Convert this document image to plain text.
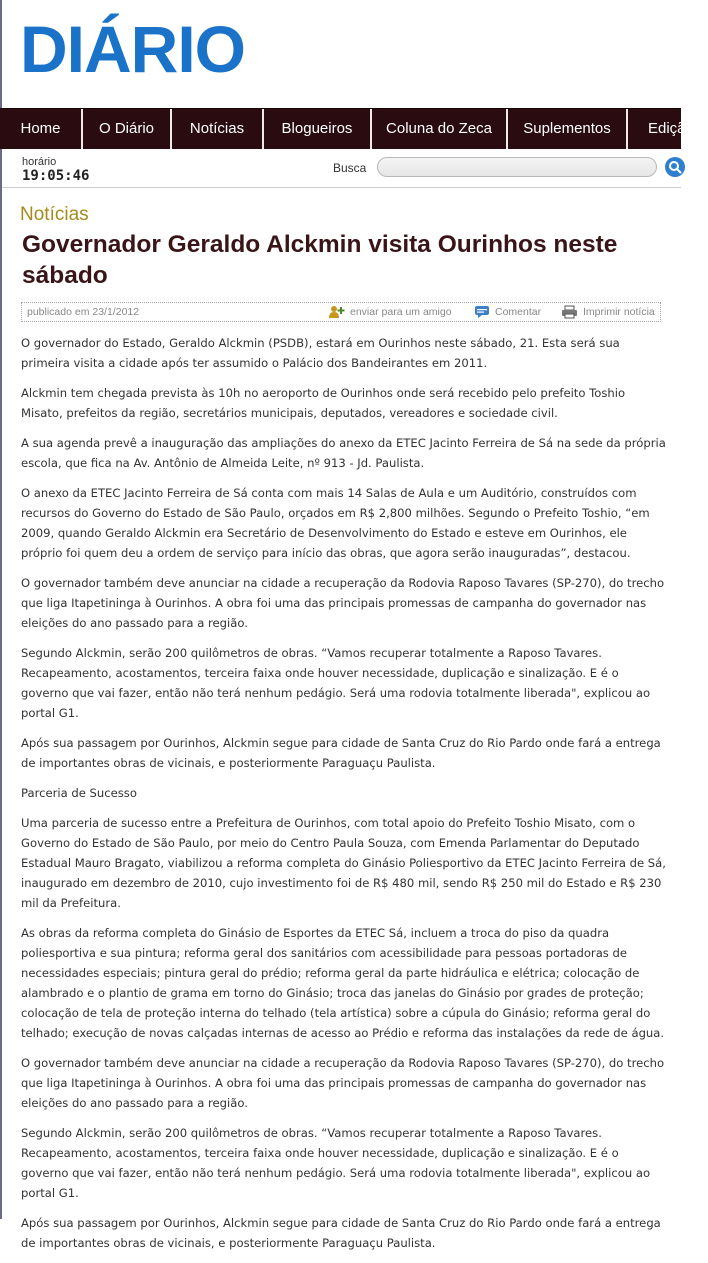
DIÁRIO
Home	O Diário	Notícias	Blogueiros	Coluna do Zeca	Suplementos	Edição
horário
19:05:46	Busca
Notícias
Governador Geraldo Alckmin visita Ourinhos neste sábado
publicado em 23/1/2012	enviar para um amigo	Comentar	Imprimir notícia

O governador do Estado, Geraldo Alckmin (PSDB), estará em Ourinhos neste sábado, 21. Esta será sua primeira visita a cidade após ter assumido o Palácio dos Bandeirantes em 2011.

Alckmin tem chegada prevista às 10h no aeroporto de Ourinhos onde será recebido pelo prefeito Toshio Misato, prefeitos da região, secretários municipais, deputados, vereadores e sociedade civil.

A sua agenda prevê a inauguração das ampliações do anexo da ETEC Jacinto Ferreira de Sá na sede da própria escola, que fica na Av. Antônio de Almeida Leite, nº 913 - Jd. Paulista.

O anexo da ETEC Jacinto Ferreira de Sá conta com mais 14 Salas de Aula e um Auditório, construídos com recursos do Governo do Estado de São Paulo, orçados em R$ 2,800 milhões. Segundo o Prefeito Toshio, “em 2009, quando Geraldo Alckmin era Secretário de Desenvolvimento do Estado e esteve em Ourinhos, ele próprio foi quem deu a ordem de serviço para início das obras, que agora serão inauguradas”, destacou.

O governador também deve anunciar na cidade a recuperação da Rodovia Raposo Tavares (SP-270), do trecho que liga Itapetininga à Ourinhos. A obra foi uma das principais promessas de campanha do governador nas eleições do ano passado para a região.

Segundo Alckmin, serão 200 quilômetros de obras. “Vamos recuperar totalmente a Raposo Tavares. Recapeamento, acostamentos, terceira faixa onde houver necessidade, duplicação e sinalização. E é o governo que vai fazer, então não terá nenhum pedágio. Será uma rodovia totalmente liberada", explicou ao portal G1.

Após sua passagem por Ourinhos, Alckmin segue para cidade de Santa Cruz do Rio Pardo onde fará a entrega de importantes obras de vicinais, e posteriormente Paraguaçu Paulista.

Parceria de Sucesso

Uma parceria de sucesso entre a Prefeitura de Ourinhos, com total apoio do Prefeito Toshio Misato, com o Governo do Estado de São Paulo, por meio do Centro Paula Souza, com Emenda Parlamentar do Deputado Estadual Mauro Bragato, viabilizou a reforma completa do Ginásio Poliesportivo da ETEC Jacinto Ferreira de Sá, inaugurado em dezembro de 2010, cujo investimento foi de R$ 480 mil, sendo R$ 250 mil do Estado e R$ 230 mil da Prefeitura.

As obras da reforma completa do Ginásio de Esportes da ETEC Sá, incluem a troca do piso da quadra poliesportiva e sua pintura; reforma geral dos sanitários com acessibilidade para pessoas portadoras de necessidades especiais; pintura geral do prédio; reforma geral da parte hidráulica e elétrica; colocação de alambrado e o plantio de grama em torno do Ginásio; troca das janelas do Ginásio por grades de proteção; colocação de tela de proteção interna do telhado (tela artística) sobre a cúpula do Ginásio; reforma geral do telhado; execução de novas calçadas internas de acesso ao Prédio e reforma das instalações da rede de água.

O governador também deve anunciar na cidade a recuperação da Rodovia Raposo Tavares (SP-270), do trecho que liga Itapetininga à Ourinhos. A obra foi uma das principais promessas de campanha do governador nas eleições do ano passado para a região.

Segundo Alckmin, serão 200 quilômetros de obras. “Vamos recuperar totalmente a Raposo Tavares. Recapeamento, acostamentos, terceira faixa onde houver necessidade, duplicação e sinalização. E é o governo que vai fazer, então não terá nenhum pedágio. Será uma rodovia totalmente liberada", explicou ao portal G1.

Após sua passagem por Ourinhos, Alckmin segue para cidade de Santa Cruz do Rio Pardo onde fará a entrega de importantes obras de vicinais, e posteriormente Paraguaçu Paulista.
